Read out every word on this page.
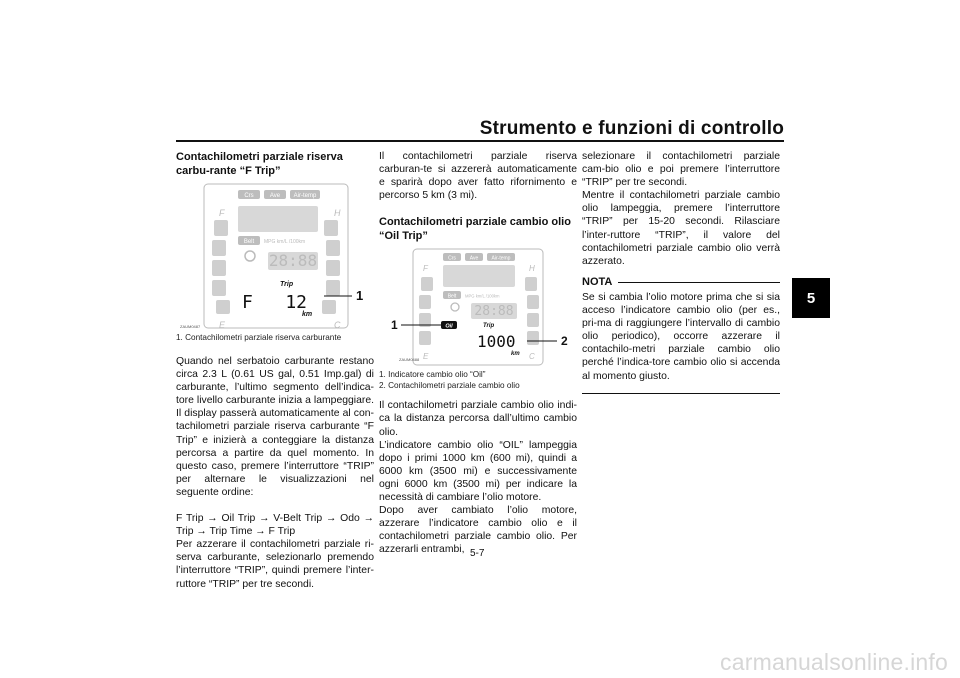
Strumento e funzioni di controllo
5
Contachilometri parziale riserva carbu-rante “F Trip”
Crs	Ave Air-temp
Belt MPG km/L /100km
28:88
F
E
H
C
Trip
F   12
km
1
ZAUM0487
1. Contachilometri parziale riserva carburante

Quando nel serbatoio carburante restano circa 2.3 L (0.61 US gal, 0.51 Imp.gal) di carburante, l’ultimo segmento dell’indica-tore livello carburante inizia a lampeggiare. Il display passerà automaticamente al con-tachilometri parziale riserva carburante “F Trip” e inizierà a conteggiare la distanza percorsa a partire da quel momento. In questo caso, premere l’interruttore “TRIP” per alternare le visualizzazioni nel seguente ordine:

F Trip → Oil Trip → V-Belt Trip → Odo → Trip → Trip Time → F Trip

Per azzerare il contachilometri parziale ri-serva carburante, selezionarlo premendo l’interruttore “TRIP”, quindi premere l’inter-ruttore “TRIP” per tre secondi.

Il contachilometri parziale riserva carburan-te si azzererà automaticamente e sparirà dopo aver fatto rifornimento e percorso 5 km (3 mi).

Contachilometri parziale cambio olio “Oil Trip”
Crs	Ave	Air-temp
Belt MPG km/L /100km
28:88
Oil	Trip
1000
km
F
E
H
C
1
2
ZAUM0488
1. Indicatore cambio olio “Oil”
2. Contachilometri parziale cambio olio

Il contachilometri parziale cambio olio indi-ca la distanza percorsa dall’ultimo cambio olio.

L’indicatore cambio olio “OIL” lampeggia dopo i primi 1000 km (600 mi), quindi a 6000 km (3500 mi) e successivamente ogni 6000 km (3500 mi) per indicare la necessità di cambiare l’olio motore.

Dopo aver cambiato l’olio motore, azzerare l’indicatore cambio olio e il contachilometri parziale cambio olio. Per azzerarli entrambi,

selezionare il contachilometri parziale cam-bio olio e poi premere l’interruttore “TRIP” per tre secondi.

Mentre il contachilometri parziale cambio olio lampeggia, premere l’interruttore “TRIP” per 15-20 secondi. Rilasciare l’inter-ruttore “TRIP”, il valore del contachilometri parziale cambio olio verrà azzerato.

NOTA

Se si cambia l’olio motore prima che si sia acceso l’indicatore cambio olio (per es., pri-ma di raggiungere l’intervallo di cambio olio periodico), occorre azzerare il contachilo-metri parziale cambio olio perché l’indica-tore cambio olio si accenda al momento giusto.

5-7
carmanualsonline.info
